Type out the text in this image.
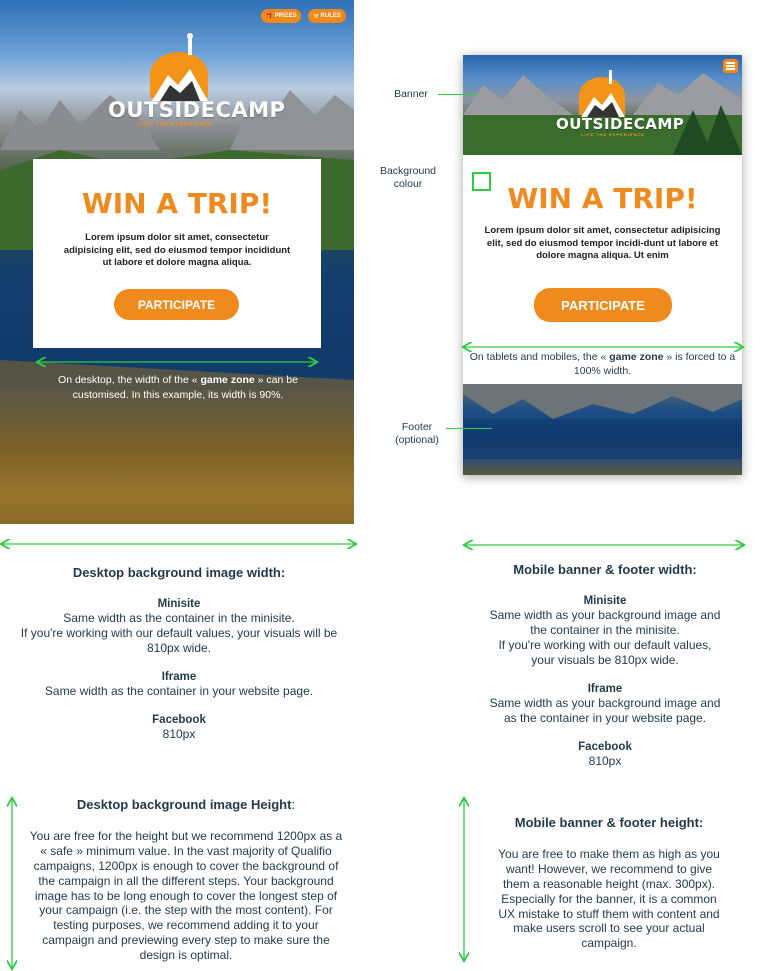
🎁 PRIZES	⚒ RULES
OUTSIDECAMP
LIVE THE EXPERIENCE
WIN A TRIP!
Lorem ipsum dolor sit amet, consectetur adipisicing elit, sed do eiusmod tempor incididunt ut labore et dolore magna aliqua.
PARTICIPATE
On desktop, the width of the « game zone » can be customised. In this example, its width is 90%.
OUTSIDECAMP
LIVE THE EXPERIENCE
WIN A TRIP!
Lorem ipsum dolor sit amet, consectetur adipisicing elit, sed do eiusmod tempor incidi-dunt ut labore et dolore magna aliqua. Ut enim
PARTICIPATE
On tablets and mobiles, the « game zone » is forced to a 100% width.
Banner
Background colour
Footer
(optional)
Desktop background image width:
Minisite
Same width as the container in the minisite.
If you're working with our default values, your visuals will be
810px wide.
Iframe
Same width as the container in your website page.
Facebook
810px
Mobile banner & footer width:
Minisite
Same width as your background image and
the container in the minisite.
If you're working with our default values,
your visuals be 810px wide.
Iframe
Same width as your background image and
as the container in your website page.
Facebook
810px
Desktop background image Height:
You are free for the height but we recommend 1200px as a « safe » minimum value. In the vast majority of Qualifio campaigns, 1200px is enough to cover the background of the campaign in all the different steps. Your background image has to be long enough to cover the longest step of your campaign (i.e. the step with the most content). For testing purposes, we recommend adding it to your campaign and previewing every step to make sure the design is optimal.
Mobile banner & footer height:
You are free to make them as high as you want! However, we recommend to give them a reasonable height (max. 300px). Especially for the banner, it is a common UX mistake to stuff them with content and make users scroll to see your actual campaign.
